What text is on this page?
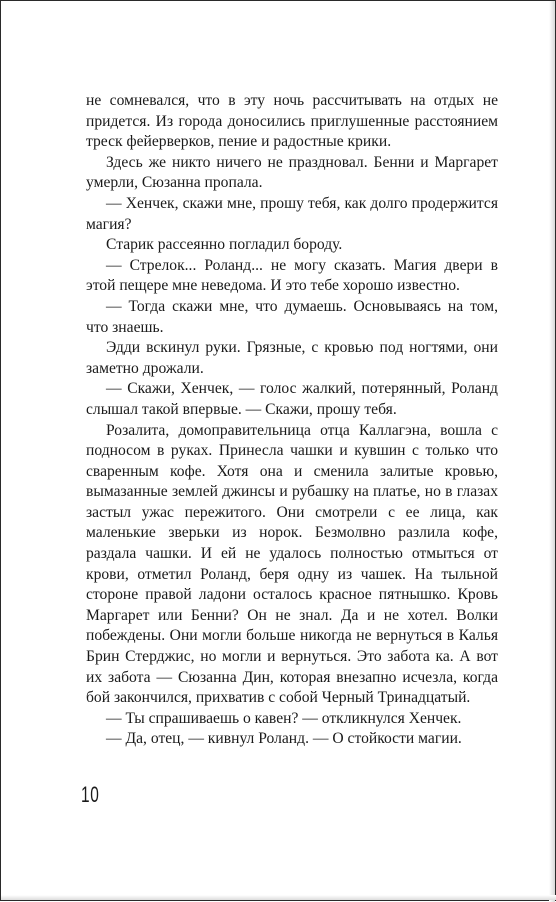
не сомневался, что в эту ночь рассчитывать на отдых не придется. Из города доносились приглушенные расстоянием треск фейерверков, пение и радостные крики.

Здесь же никто ничего не праздновал. Бенни и Маргарет умерли, Сюзанна пропала.

— Хенчек, скажи мне, прошу тебя, как долго продержится магия?

Старик рассеянно погладил бороду.

— Стрелок... Роланд... не могу сказать. Магия двери в этой пещере мне неведома. И это тебе хорошо известно.

— Тогда скажи мне, что думаешь. Основываясь на том, что знаешь.

Эдди вскинул руки. Грязные, с кровью под ногтями, они заметно дрожали.

— Скажи, Хенчек, — голос жалкий, потерянный, Роланд слышал такой впервые. — Скажи, прошу тебя.

Розалита, домоправительница отца Каллагэна, вошла с подносом в руках. Принесла чашки и кувшин с только что сваренным кофе. Хотя она и сменила залитые кровью, вымазанные землей джинсы и рубашку на платье, но в глазах застыл ужас пережитого. Они смотрели с ее лица, как маленькие зверьки из норок. Безмолвно разлила кофе, раздала чашки. И ей не удалось полностью отмыться от крови, отметил Роланд, беря одну из чашек. На тыльной стороне правой ладони осталось красное пятнышко. Кровь Маргарет или Бенни? Он не знал. Да и не хотел. Волки побеждены. Они могли больше никогда не вернуться в Калья Брин Стерджис, но могли и вернуться. Это забота ка. А вот их забота — Сюзанна Дин, которая внезапно исчезла, когда бой закончился, прихватив с собой Черный Тринадцатый.

— Ты спрашиваешь о кавен? — откликнулся Хенчек.

— Да, отец, — кивнул Роланд. — О стойкости магии.

10
